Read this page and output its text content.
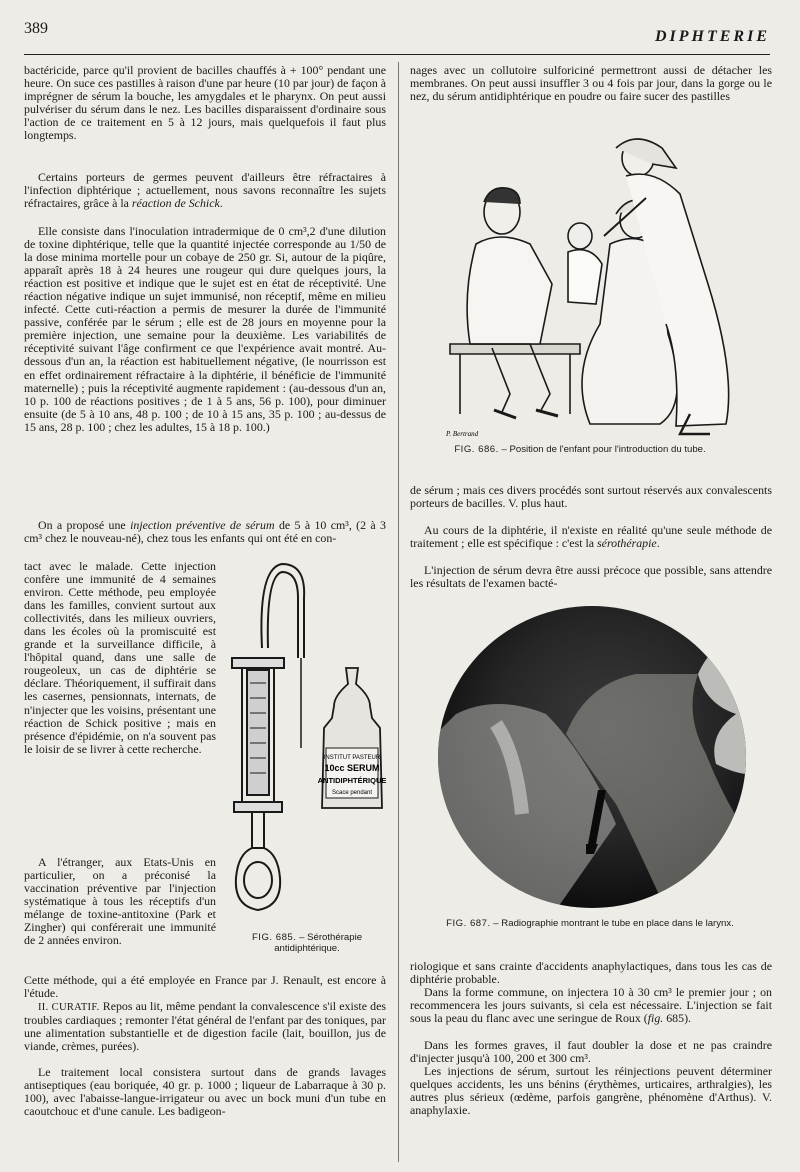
389	DIPHTERIE

bactéricide, parce qu'il provient de bacilles chauffés à + 100° pendant une heure. On suce ces pastilles à raison d'une par heure (10 par jour) de façon à imprégner de sérum la bouche, les amygdales et le pharynx. On peut aussi pulvériser du sérum dans le nez. Les bacilles disparaissent d'ordinaire sous l'action de ce traitement en 5 à 12 jours, mais quelquefois il faut plus longtemps.

Certains porteurs de germes peuvent d'ailleurs être réfractaires à l'infection diphtérique ; actuellement, nous savons reconnaître les sujets réfractaires, grâce à la réaction de Schick.

Elle consiste dans l'inoculation intradermique de 0 cm³,2 d'une dilution de toxine diphtérique, telle que la quantité injectée corresponde au 1/50 de la dose minima mortelle pour un cobaye de 250 gr. Si, autour de la piqûre, apparaît après 18 à 24 heures une rougeur qui dure quelques jours, la réaction est positive et indique que le sujet est en état de réceptivité. Une réaction négative indique un sujet immunisé, non réceptif, même en milieu infecté. Cette cuti-réaction a permis de mesurer la durée de l'immunité passive, conférée par le sérum ; elle est de 28 jours en moyenne pour la première injection, une semaine pour la deuxième. Les variabilités de réceptivité suivant l'âge confirment ce que l'expérience avait montré. Au-dessous d'un an, la réaction est habituellement négative, (le nourrisson est en effet ordinairement réfractaire à la diphtérie, il bénéficie de l'immunité maternelle) ; puis la réceptivité augmente rapidement : (au-dessous d'un an, 10 p. 100 de réactions positives ; de 1 à 5 ans, 56 p. 100), pour diminuer ensuite (de 5 à 10 ans, 48 p. 100 ; de 10 à 15 ans, 35 p. 100 ; au-dessus de 15 ans, 28 p. 100 ; chez les adultes, 15 à 18 p. 100.)

On a proposé une injection préventive de sérum de 5 à 10 cm³, (2 à 3 cm³ chez le nouveau-né), chez tous les enfants qui ont été en con-

tact avec le malade. Cette injection confère une immunité de 4 semaines environ. Cette méthode, peu employée dans les familles, convient surtout aux collectivités, dans les milieux ouvriers, dans les écoles où la promiscuité est grande et la surveillance difficile, à l'hôpital quand, dans une salle de rougeoleux, un cas de diphtérie se déclare. Théoriquement, il suffirait dans les casernes, pensionnats, internats, de n'injecter que les voisins, présentant une réaction de Schick positive ; mais en présence d'épidémie, on n'a souvent pas le loisir de se livrer à cette recherche.

A l'étranger, aux Etats-Unis en particulier, on a préconisé la vaccination préventive par l'injection systématique à tous les réceptifs d'un mélange de toxine-antitoxine (Park et Zingher) qui conférerait une immunité de 2 années environ.

Cette méthode, qui a été employée en France par J. Renault, est encore à l'étude.

II. CURATIF. Repos au lit, même pendant la convalescence s'il existe des troubles cardiaques ; remonter l'état général de l'enfant par des toniques, par une alimentation substantielle et de digestion facile (lait, bouillon, jus de viande, crèmes, purées).

Le traitement local consistera surtout dans de grands lavages antiseptiques (eau boriquée, 40 gr. p. 1000 ; liqueur de Labarraque à 30 p. 100), avec l'abaisse-langue-irrigateur ou avec un bock muni d'un tube en caoutchouc et d'une canule. Les badigeon-

INSTITUT PASTEUR
10cc SERUM
ANTIDIPHTÉRIQUE
Scace pendant
FIG. 685. – Sérothérapie antidiphtérique.

nages avec un collutoire sulforiciné permettront aussi de détacher les membranes. On peut aussi insuffler 3 ou 4 fois par jour, dans la gorge ou le nez, du sérum antidiphtérique en poudre ou faire sucer des pastilles

P. Bertrand
FIG. 686. – Position de l'enfant pour l'introduction du tube.

de sérum ; mais ces divers procédés sont surtout réservés aux convalescents porteurs de bacilles. V. plus haut.

Au cours de la diphtérie, il n'existe en réalité qu'une seule méthode de traitement ; elle est spécifique : c'est la sérothérapie.

L'injection de sérum devra être aussi précoce que possible, sans attendre les résultats de l'examen bacté-

FIG. 687. – Radiographie montrant le tube en place dans le larynx.

riologique et sans crainte d'accidents anaphylactiques, dans tous les cas de diphtérie probable.

Dans la forme commune, on injectera 10 à 30 cm³ le premier jour ; on recommencera les jours suivants, si cela est nécessaire. L'injection se fait sous la peau du flanc avec une seringue de Roux (fig. 685).

Dans les formes graves, il faut doubler la dose et ne pas craindre d'injecter jusqu'à 100, 200 et 300 cm³.

Les injections de sérum, surtout les réinjections peuvent déterminer quelques accidents, les uns bénins (érythèmes, urticaires, arthralgies), les autres plus sérieux (œdème, parfois gangrène, phénomène d'Arthus). V. anaphylaxie.
